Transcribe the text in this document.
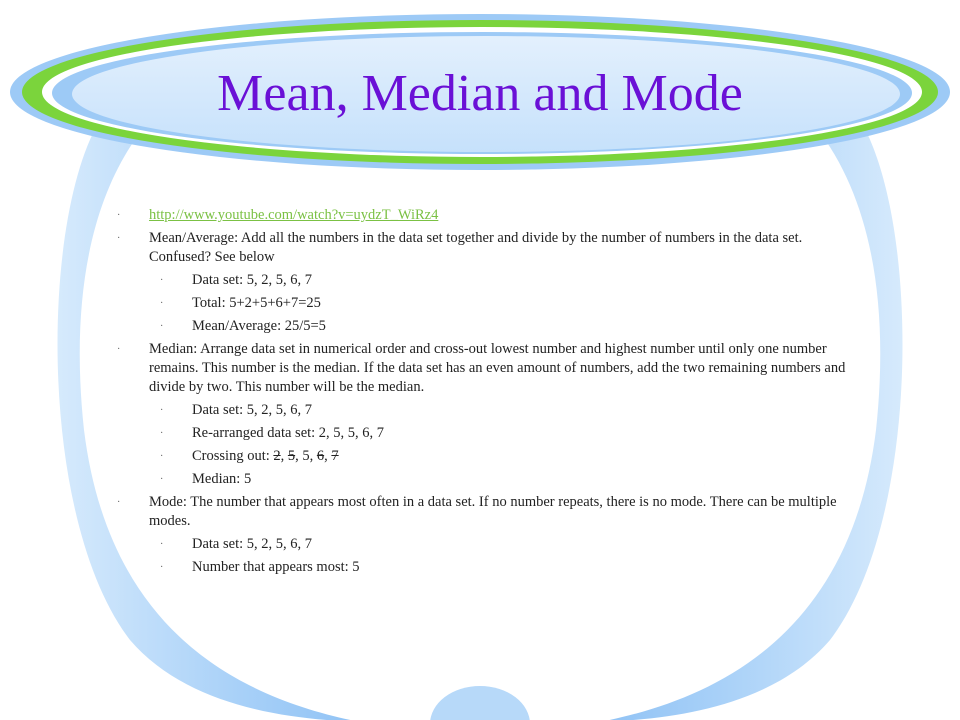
Mean, Median and Mode
· http://www.youtube.com/watch?v=uydzT_WiRz4
· Mean/Average: Add all the numbers in the data set together and divide by the number of numbers in the data set. Confused? See below
· Data set: 5, 2, 5, 6, 7
· Total: 5+2+5+6+7=25
· Mean/Average: 25/5=5
· Median: Arrange data set in numerical order and cross-out lowest number and highest number until only one number remains. This number is the median. If the data set has an even amount of numbers, add the two remaining numbers and divide by two. This number will be the median.
· Data set: 5, 2, 5, 6, 7
· Re-arranged data set: 2, 5, 5, 6, 7
· Crossing out: 2, 5, 5, 6, 7
· Median: 5
· Mode: The number that appears most often in a data set. If no number repeats, there is no mode. There can be multiple modes.
· Data set: 5, 2, 5, 6, 7
· Number that appears most: 5
